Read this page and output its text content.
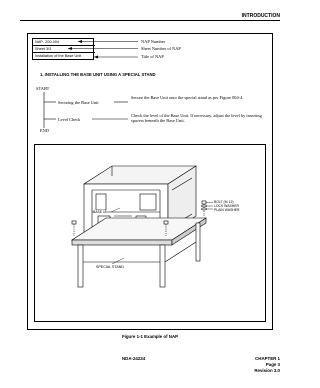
INTRODUCTION
NAP- 200-004
Sheet 3/3
Installation of the Base Unit
NAP Number
Sheet Number of NAP
Title of NAP
1. INSTALLING THE BASE UNIT USING A SPECIAL STAND
START
END
Securing the Base Unit
Secure the Base Unit onto the special stand as per Figure 004-4.
Level Check
Check the level of the Base Unit. If necessary, adjust the level by inserting spacers beneath the Base Unit.
BASE U
BOLT (M-12)
LOCK WASHER
PLAIN WASHER
SPECIAL STAND
Figure 1-1 Example of NAP
NDA-24234	CHAPTER 1
Page 3
Revision 3.0
